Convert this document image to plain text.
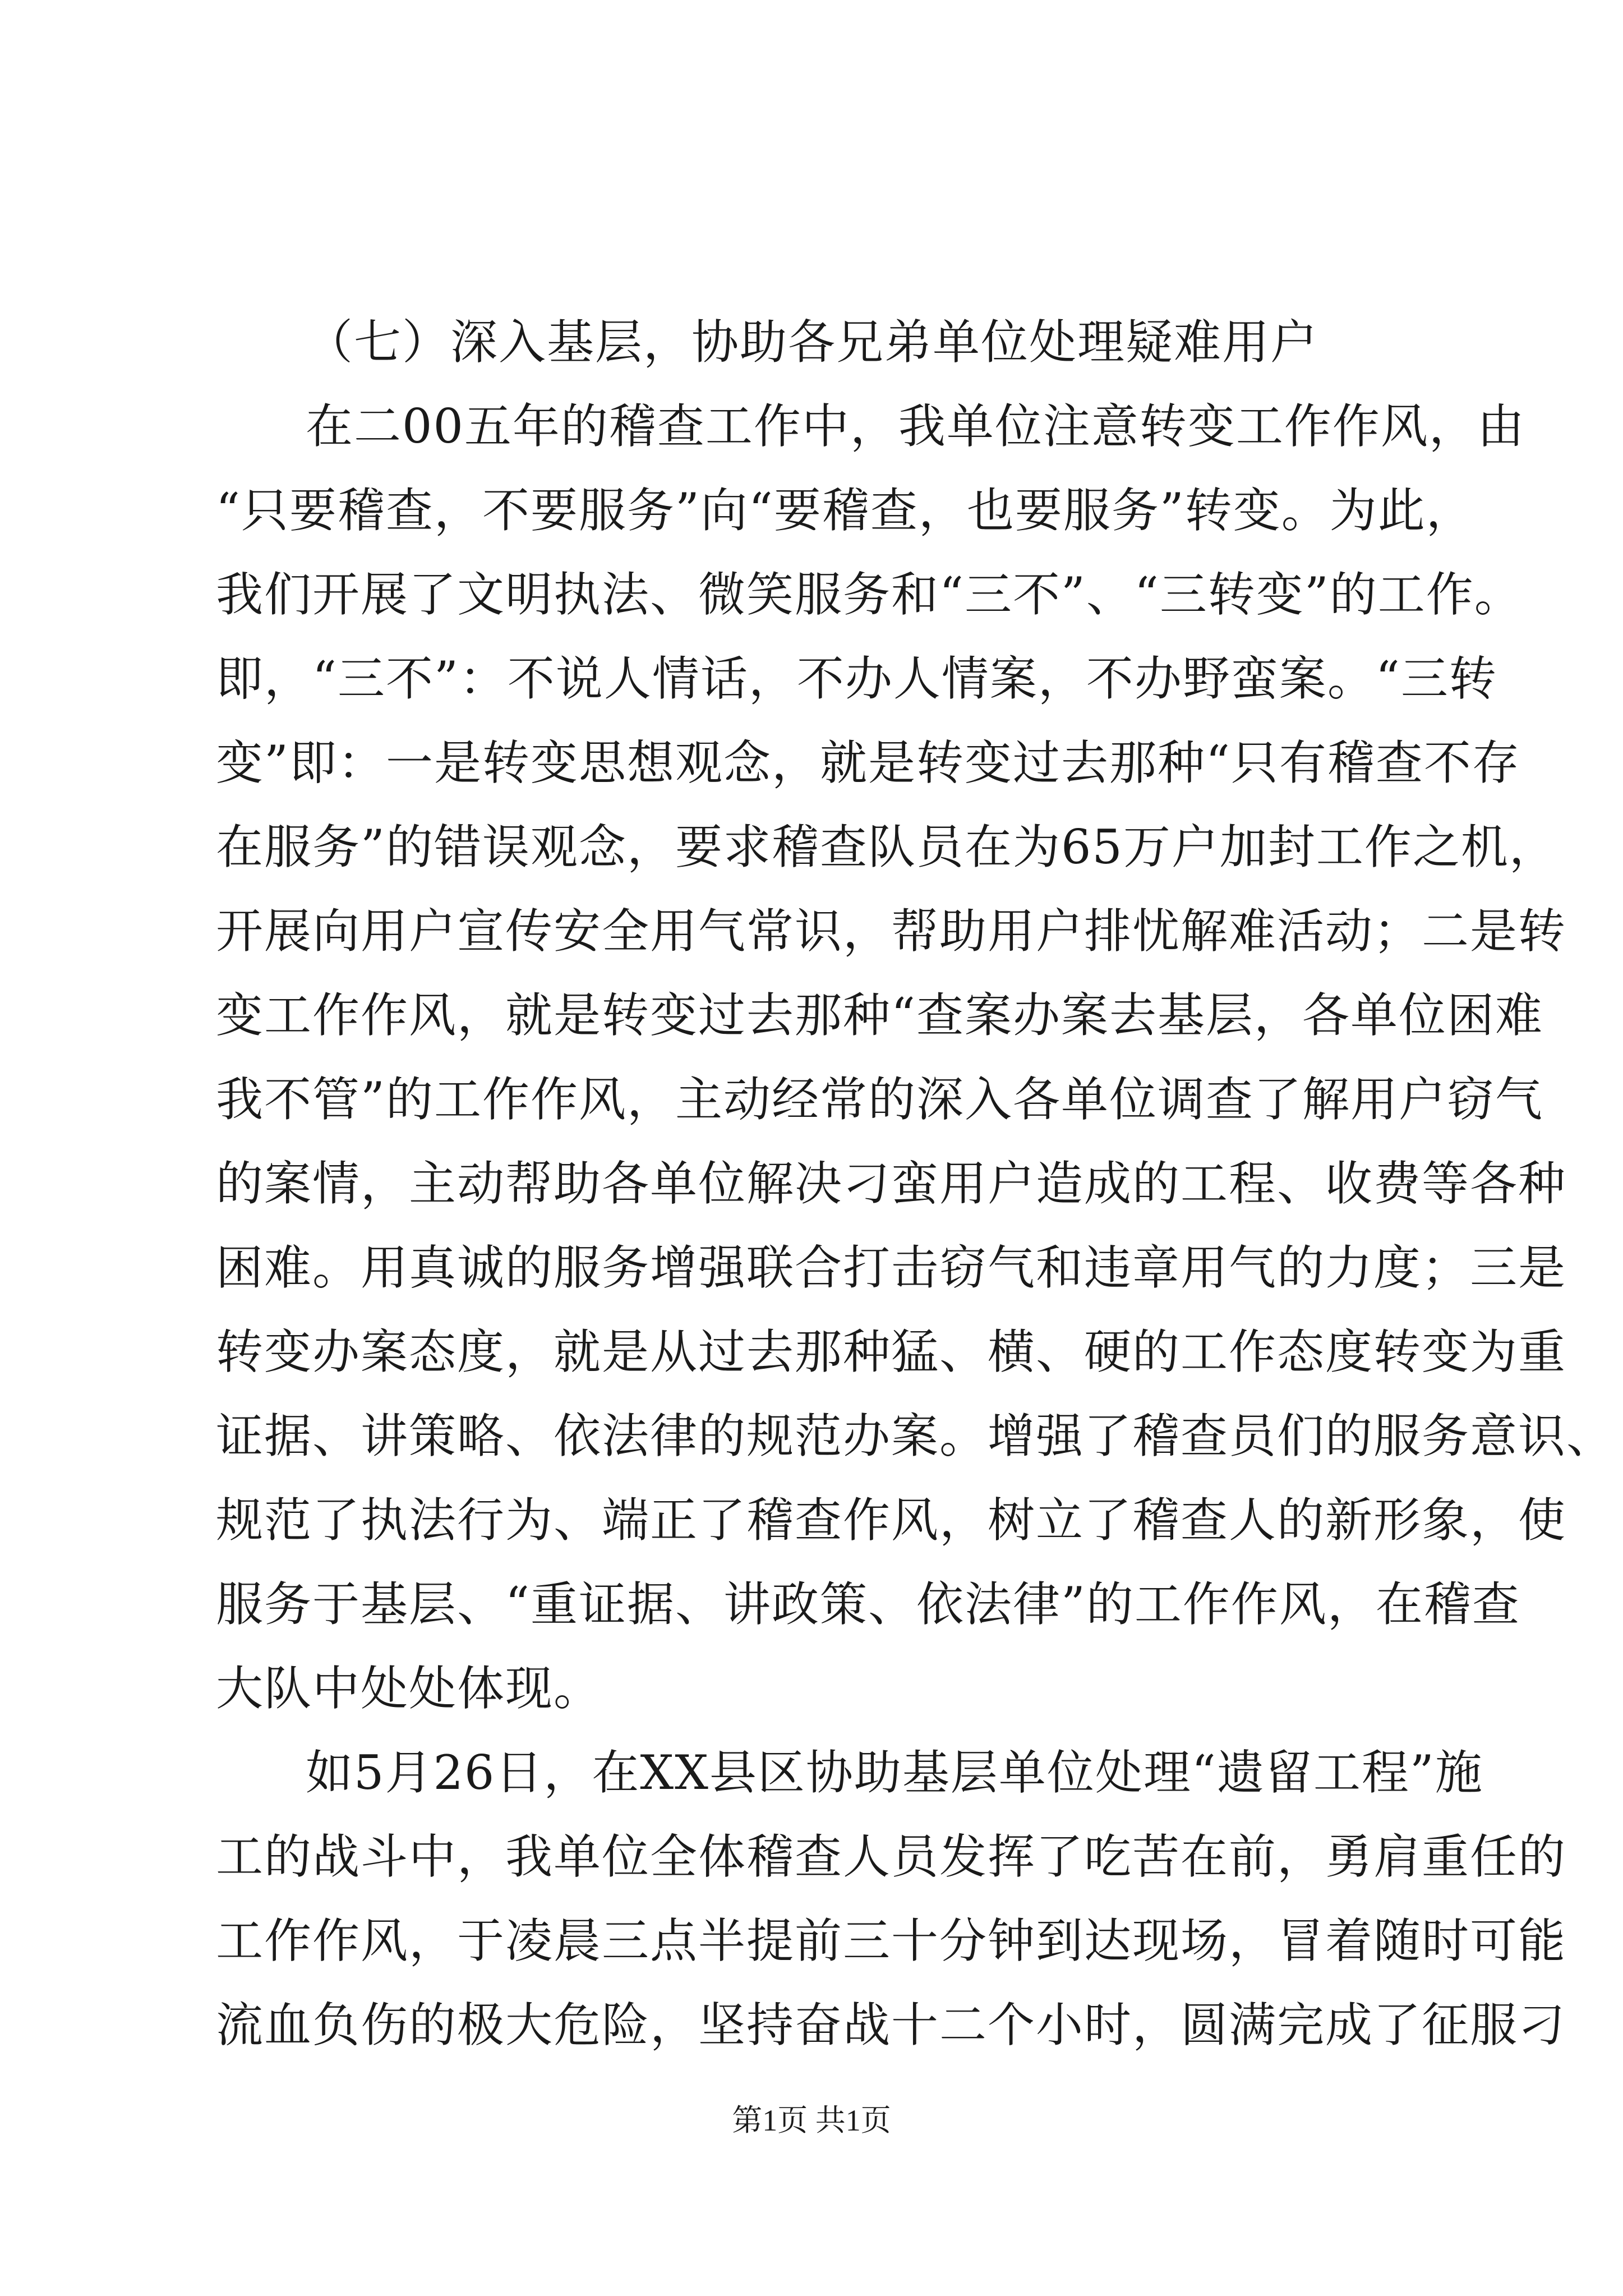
（七）深入基层，协助各兄弟单位处理疑难用户
在二00五年的稽查工作中，我单位注意转变工作作风，由
“只要稽查，不要服务”向“要稽查，也要服务”转变。为此，
我们开展了文明执法、微笑服务和“三不”、“三转变”的工作。
即，“三不”：不说人情话，不办人情案，不办野蛮案。“三转
变”即：一是转变思想观念，就是转变过去那种“只有稽查不存
在服务”的错误观念，要求稽查队员在为65万户加封工作之机，
开展向用户宣传安全用气常识，帮助用户排忧解难活动；二是转
变工作作风，就是转变过去那种“查案办案去基层，各单位困难
我不管”的工作作风，主动经常的深入各单位调查了解用户窃气
的案情，主动帮助各单位解决刁蛮用户造成的工程、收费等各种
困难。用真诚的服务增强联合打击窃气和违章用气的力度；三是
转变办案态度，就是从过去那种猛、横、硬的工作态度转变为重
证据、讲策略、依法律的规范办案。增强了稽查员们的服务意识、
规范了执法行为、端正了稽查作风，树立了稽查人的新形象，使
服务于基层、“重证据、讲政策、依法律”的工作作风，在稽查
大队中处处体现。
如5月26日，在XX县区协助基层单位处理“遗留工程”施
工的战斗中，我单位全体稽查人员发挥了吃苦在前，勇肩重任的
工作作风，于凌晨三点半提前三十分钟到达现场，冒着随时可能
流血负伤的极大危险，坚持奋战十二个小时，圆满完成了征服刁
第1页 共1页
